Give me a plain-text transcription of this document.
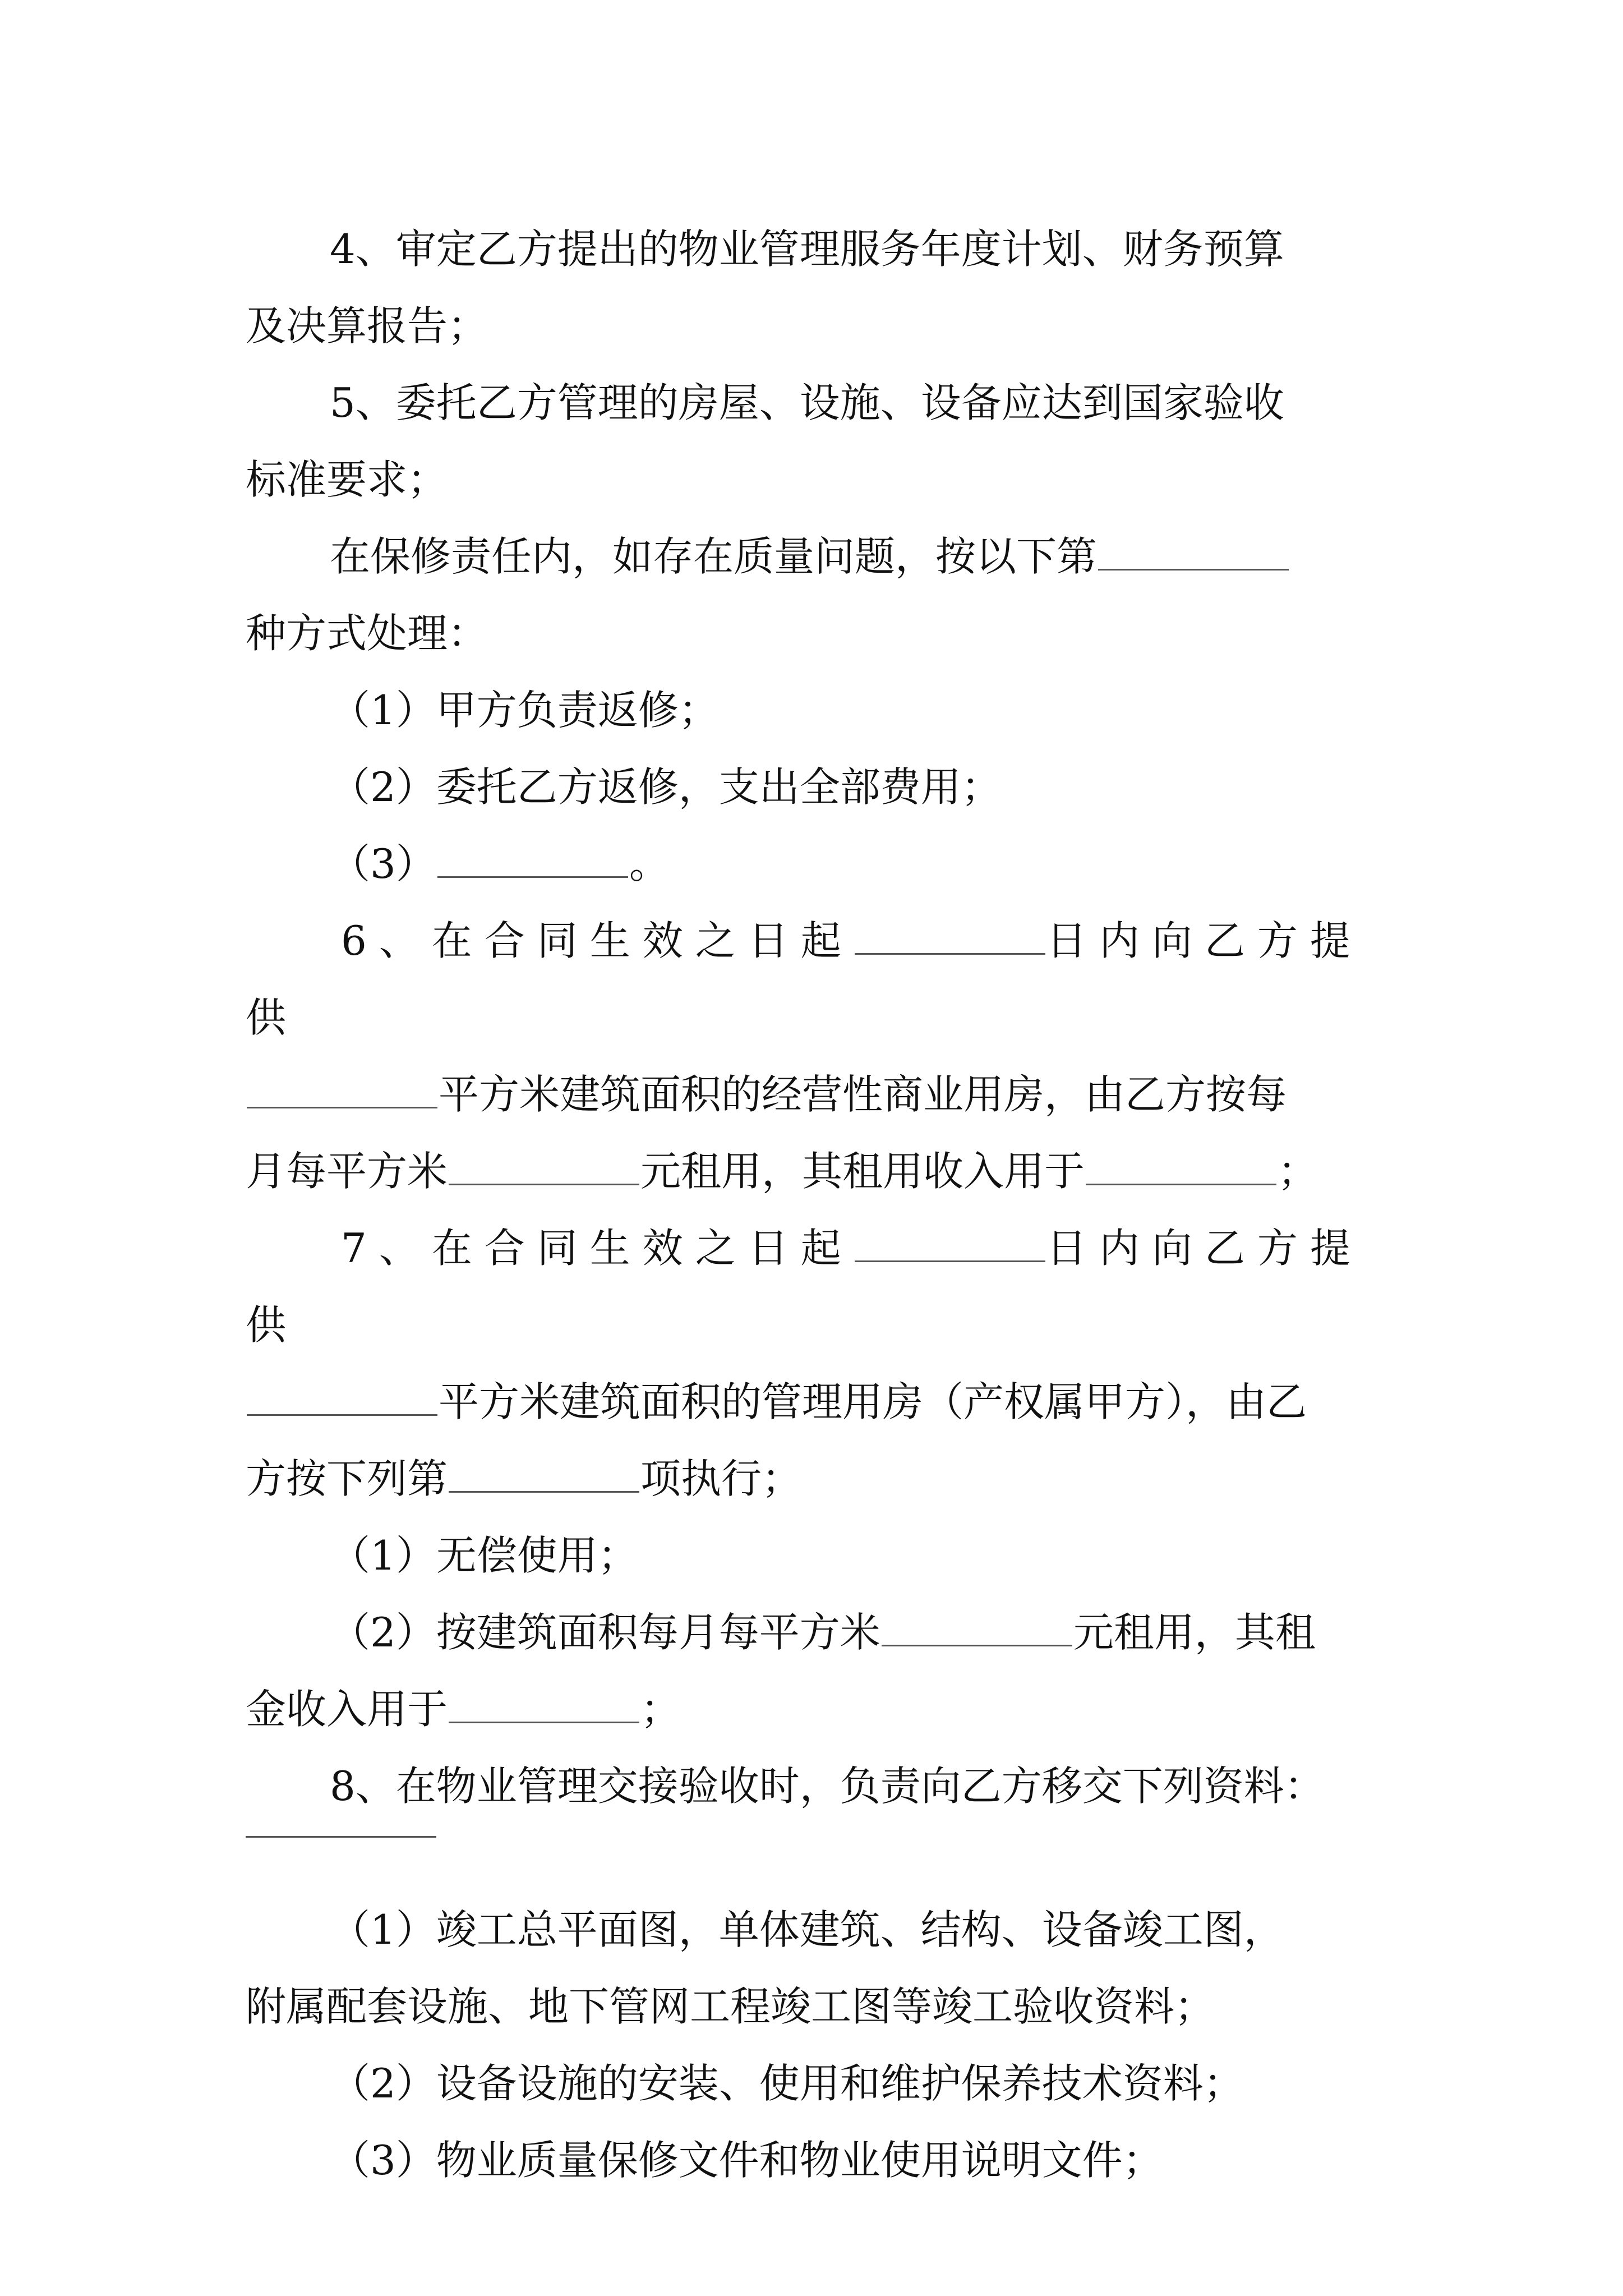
4、审定乙方提出的物业管理服务年度计划、财务预算

及决算报告；

5、委托乙方管理的房屋、设施、设备应达到国家验收

标准要求；

在保修责任内，如存在质量问题，按以下第

种方式处理：

（1）甲方负责返修；

（2）委托乙方返修，支出全部费用；

（3）	。

6、在合同生效之日起	日内向乙方提供

平方米建筑面积的经营性商业用房，由乙方按每

月每平方米	元租用，其租用收入用于	；

7、在合同生效之日起	日内向乙方提供

平方米建筑面积的管理用房（产权属甲方），由乙

方按下列第	项执行；

（1）无偿使用；

（2）按建筑面积每月每平方米	元租用，其租

金收入用于	；

8、在物业管理交接验收时，负责向乙方移交下列资料：

（1）竣工总平面图，单体建筑、结构、设备竣工图，

附属配套设施、地下管网工程竣工图等竣工验收资料；

（2）设备设施的安装、使用和维护保养技术资料；

（3）物业质量保修文件和物业使用说明文件；
